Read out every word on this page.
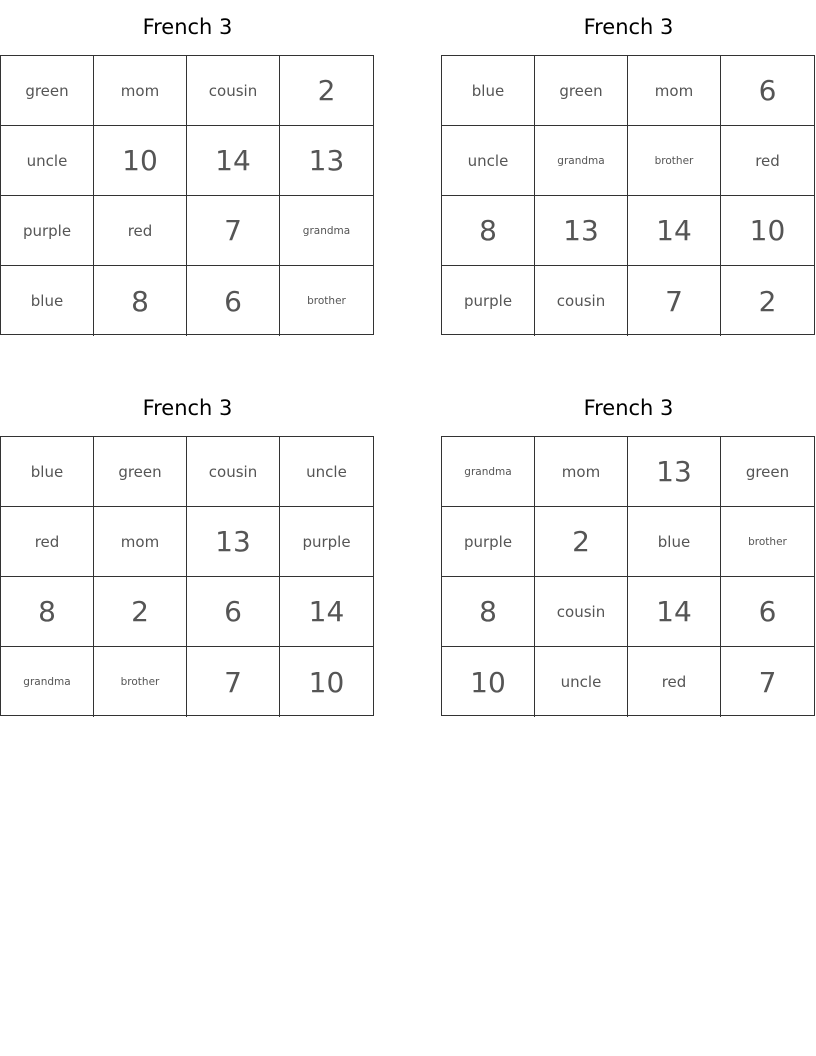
French 3
green	mom	cousin	2
uncle	10	14	13
purple	red	7	grandma
blue	8	6	brother
French 3
blue	green	mom	6
uncle	grandma	brother	red
8	13	14	10
purple	cousin	7	2
French 3
blue	green	cousin	uncle
red	mom	13	purple
8	2	6	14
grandma	brother	7	10
French 3
grandma	mom	13	green
purple	2	blue	brother
8	cousin	14	6
10	uncle	red	7
